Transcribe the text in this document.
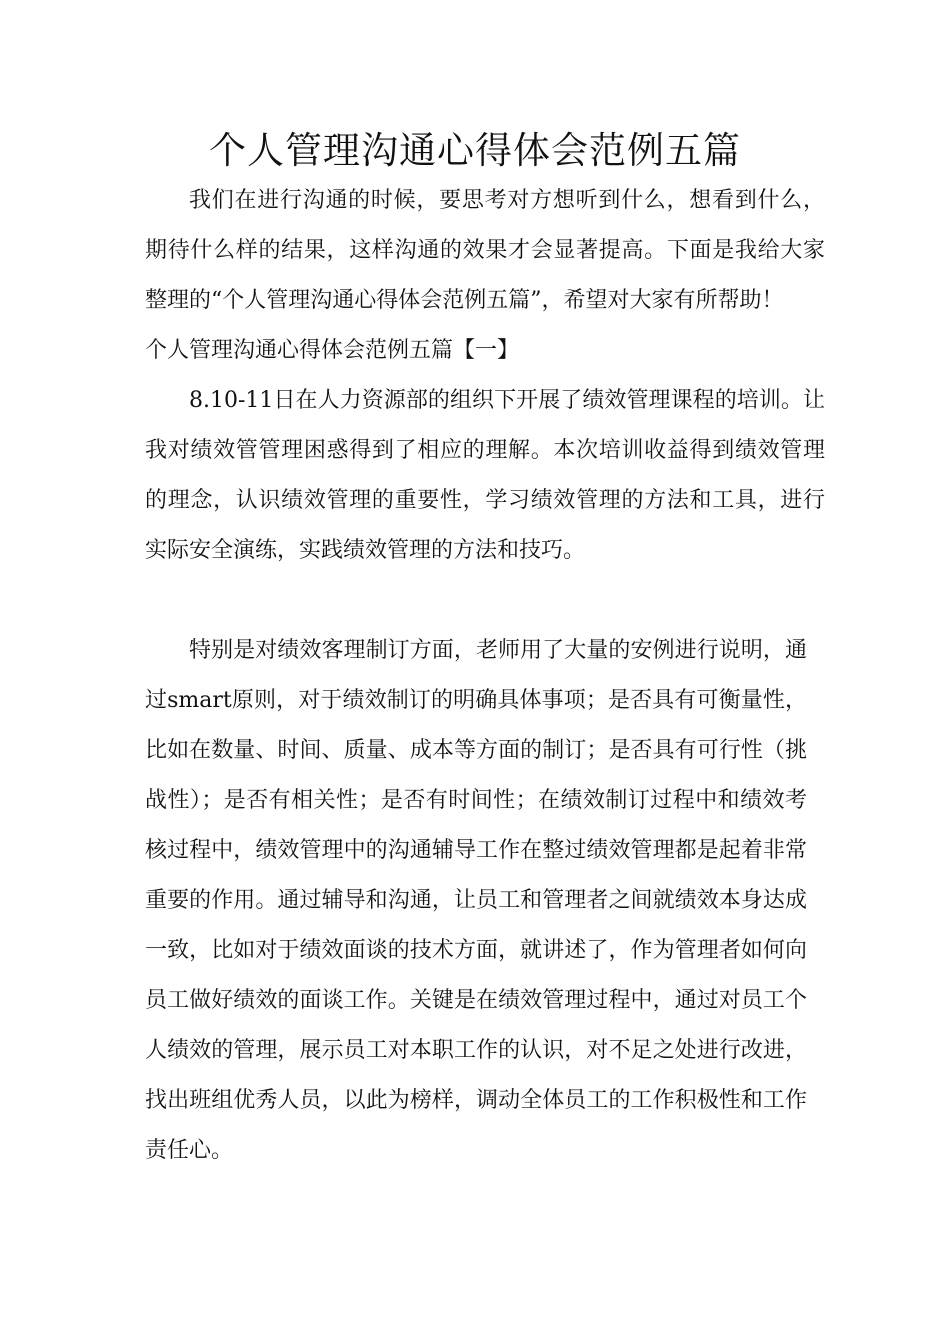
个人管理沟通心得体会范例五篇

我们在进行沟通的时候，要思考对方想听到什么，想看到什么，期待什么样的结果，这样沟通的效果才会显著提高。下面是我给大家整理的“个人管理沟通心得体会范例五篇”，希望对大家有所帮助！

个人管理沟通心得体会范例五篇【一】

8.10-11日在人力资源部的组织下开展了绩效管理课程的培训。让我对绩效管管理困惑得到了相应的理解。本次培训收益得到绩效管理的理念，认识绩效管理的重要性，学习绩效管理的方法和工具，进行实际安全演练，实践绩效管理的方法和技巧。

特别是对绩效客理制订方面，老师用了大量的安例进行说明，通过smart原则，对于绩效制订的明确具体事项；是否具有可衡量性，比如在数量、时间、质量、成本等方面的制订；是否具有可行性（挑战性）；是否有相关性；是否有时间性；在绩效制订过程中和绩效考核过程中，绩效管理中的沟通辅导工作在整过绩效管理都是起着非常重要的作用。通过辅导和沟通，让员工和管理者之间就绩效本身达成一致，比如对于绩效面谈的技术方面，就讲述了，作为管理者如何向员工做好绩效的面谈工作。关键是在绩效管理过程中，通过对员工个人绩效的管理，展示员工对本职工作的认识，对不足之处进行改进，找出班组优秀人员，以此为榜样，调动全体员工的工作积极性和工作责任心。
